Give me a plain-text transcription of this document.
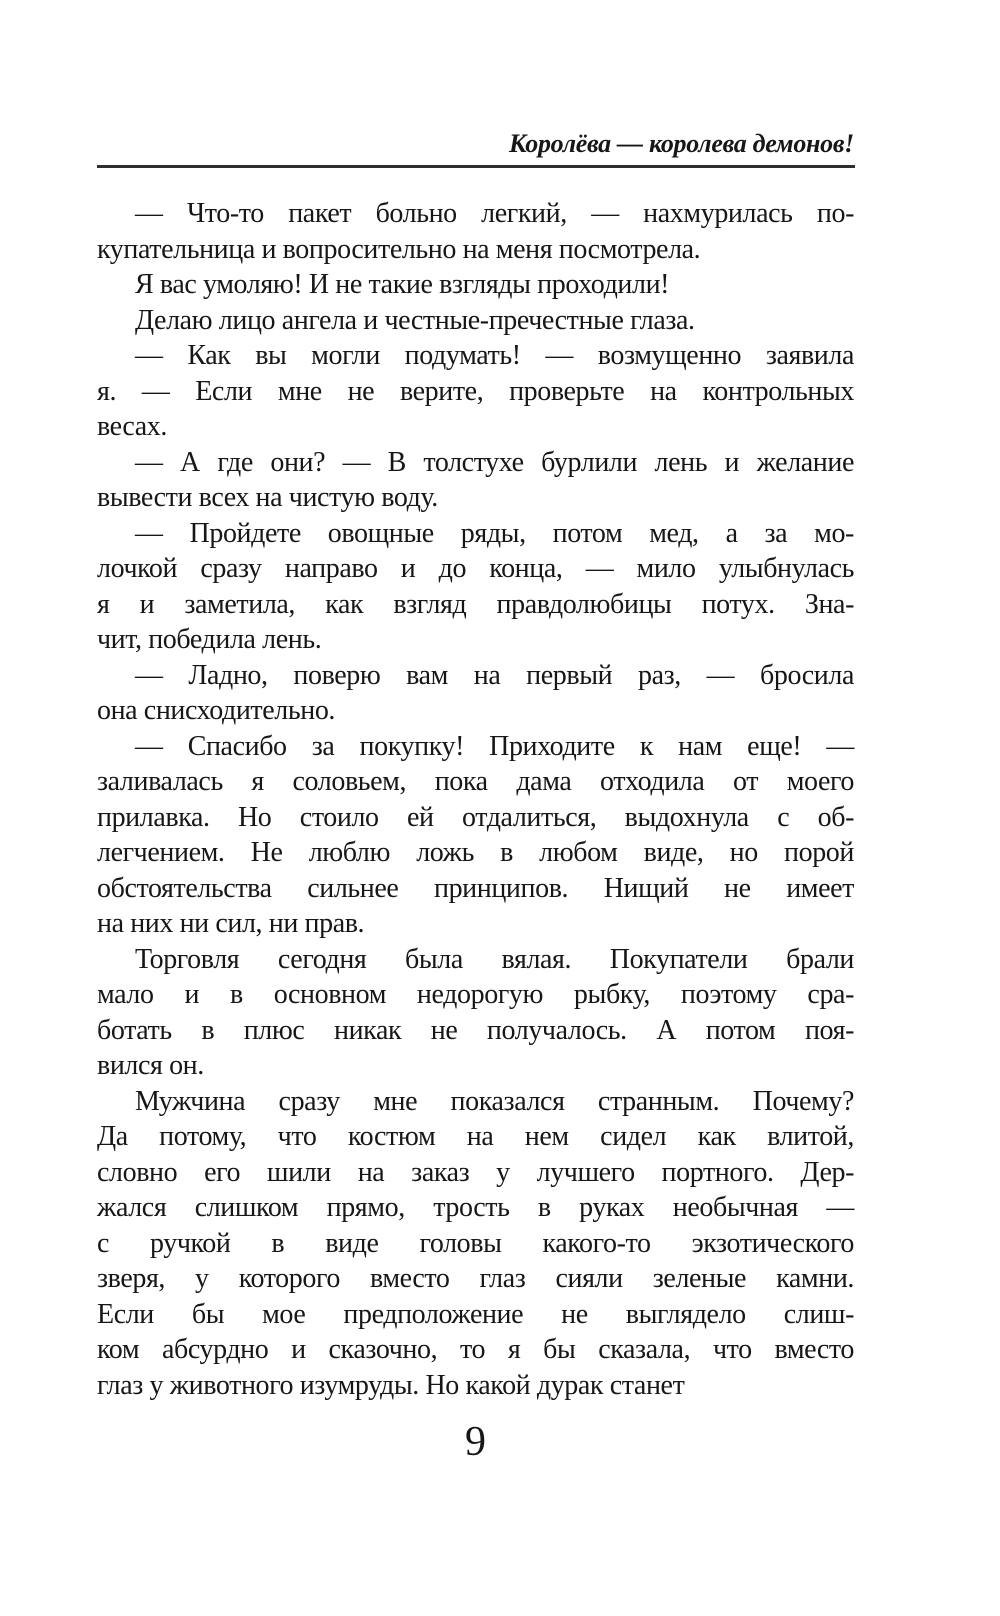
Королёва — королева демонов!
— Что-то пакет больно легкий, — нахмурилась по-
купательница и вопросительно на меня посмотрела.
Я вас умоляю! И не такие взгляды проходили!
Делаю лицо ангела и честные-пречестные глаза.
— Как вы могли подумать! — возмущенно заявила
я. — Если мне не верите, проверьте на контрольных
весах.
— А где они? — В толстухе бурлили лень и желание
вывести всех на чистую воду.
— Пройдете овощные ряды, потом мед, а за мо-
лочкой сразу направо и до конца, — мило улыбнулась
я и заметила, как взгляд правдолюбицы потух. Зна-
чит, победила лень.
— Ладно, поверю вам на первый раз, — бросила
она снисходительно.
— Спасибо за покупку! Приходите к нам еще! —
заливалась я соловьем, пока дама отходила от моего
прилавка. Но стоило ей отдалиться, выдохнула с об-
легчением. Не люблю ложь в любом виде, но порой
обстоятельства сильнее принципов. Нищий не имеет
на них ни сил, ни прав.
Торговля сегодня была вялая. Покупатели брали
мало и в основном недорогую рыбку, поэтому сра-
ботать в плюс никак не получалось. А потом поя-
вился он.
Мужчина сразу мне показался странным. Почему?
Да потому, что костюм на нем сидел как влитой,
словно его шили на заказ у лучшего портного. Дер-
жался слишком прямо, трость в руках необычная —
с ручкой в виде головы какого-то экзотического
зверя, у которого вместо глаз сияли зеленые камни.
Если бы мое предположение не выглядело слиш-
ком абсурдно и сказочно, то я бы сказала, что вместо
глаз у животного изумруды. Но какой дурак станет
9
